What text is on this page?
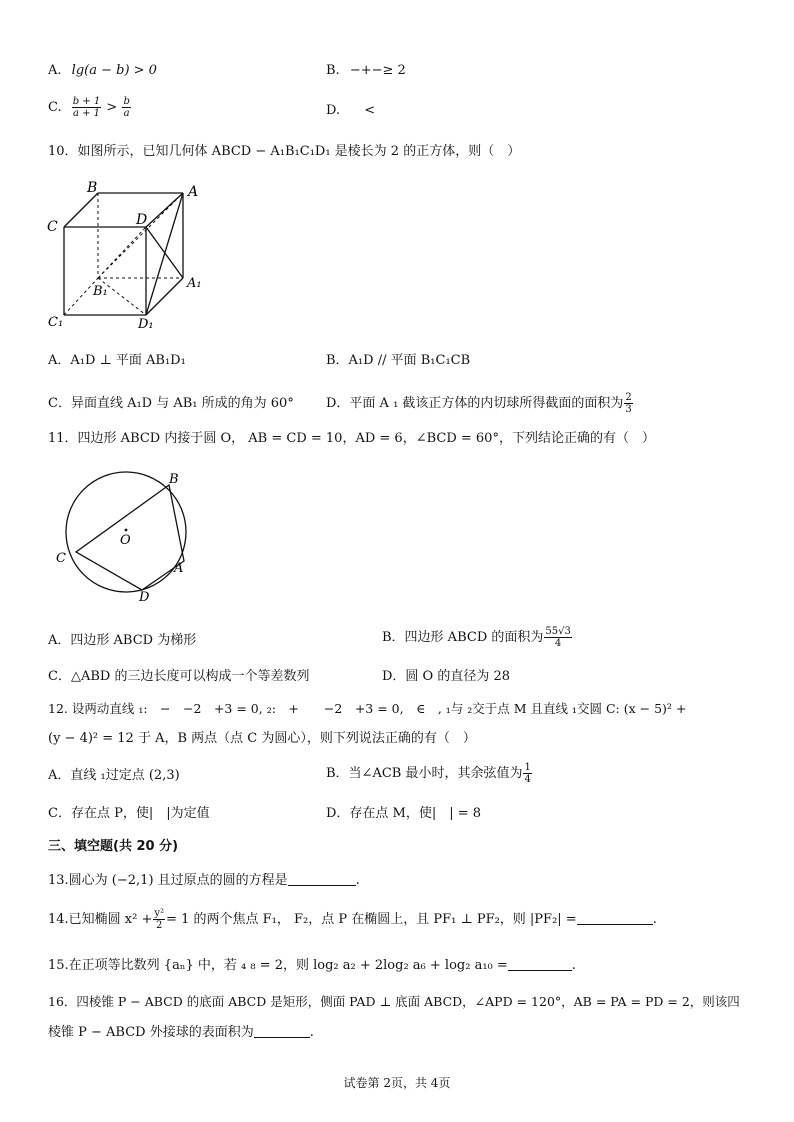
A. lg(a − b) > 0	B. −+−≥ 2
C. $\frac{b + 1}{a + 1} > \frac{b}{a}$	D. <
10．如图所示，已知几何体 ABCD − A₁B₁C₁D₁ 是棱长为 2 的正方体，则（　）
B	A
C	D
B₁
A₁
C₁	D₁
A．A₁D ⊥ 平面 AB₁D₁	B．A₁D // 平面 B₁C₁CB
C．异面直线 A₁D 与 AB₁ 所成的角为 60°	D．平面 A ₁ 截该正方体的内切球所得截面的面积为 $\frac{2}{3}$
11．四边形 ABCD 内接于圆 O， AB = CD = 10，AD = 6，∠BCD = 60°，下列结论正确的有（　）
B
O
C
A
D
A．四边形 ABCD 为梯形	B．四边形 ABCD 的面积为 $\frac{55√3}{4}$
C．△ABD 的三边长度可以构成一个等差数列	D．圆 O 的直径为 28
12. 设两动直线 ₁:　−　−2　+3 = 0, ₂:　+　　−2　+3 = 0,　∈　, ₁与 ₂交于点 M 且直线 ₁交圆 C: (x − 5)² +
(y − 4)² = 12 于 A，B 两点（点 C 为圆心），则下列说法正确的有（　）
A．直线 ₁过定点 (2,3)	B．当∠ACB 最小时，其余弦值为 $\frac{1}{4}$
C．存在点 P，使|　|为定值	D．存在点 M，使|　| = 8
三、填空题(共 20 分)
13.圆心为 (−2,1) 且过原点的圆的方程是	.
14.已知椭圆 $x^2 + \frac{\text{y²}}{2} = 1$ 的两个焦点 F₁， F₂，点 P 在椭圆上，且 PF₁ ⊥ PF₂，则 |PF₂| =	.
15.在正项等比数列 {aₙ} 中，若 ₄ ₈ = 2，则 log₂ a₂ + 2log₂ a₆ + log₂ a₁₀ =	.
16．四棱锥 P − ABCD 的底面 ABCD 是矩形，侧面 PAD ⊥ 底面 ABCD，∠APD = 120°，AB = PA = PD = 2，则该四
棱锥 P − ABCD 外接球的表面积为	.
试卷第 2页，共 4页
